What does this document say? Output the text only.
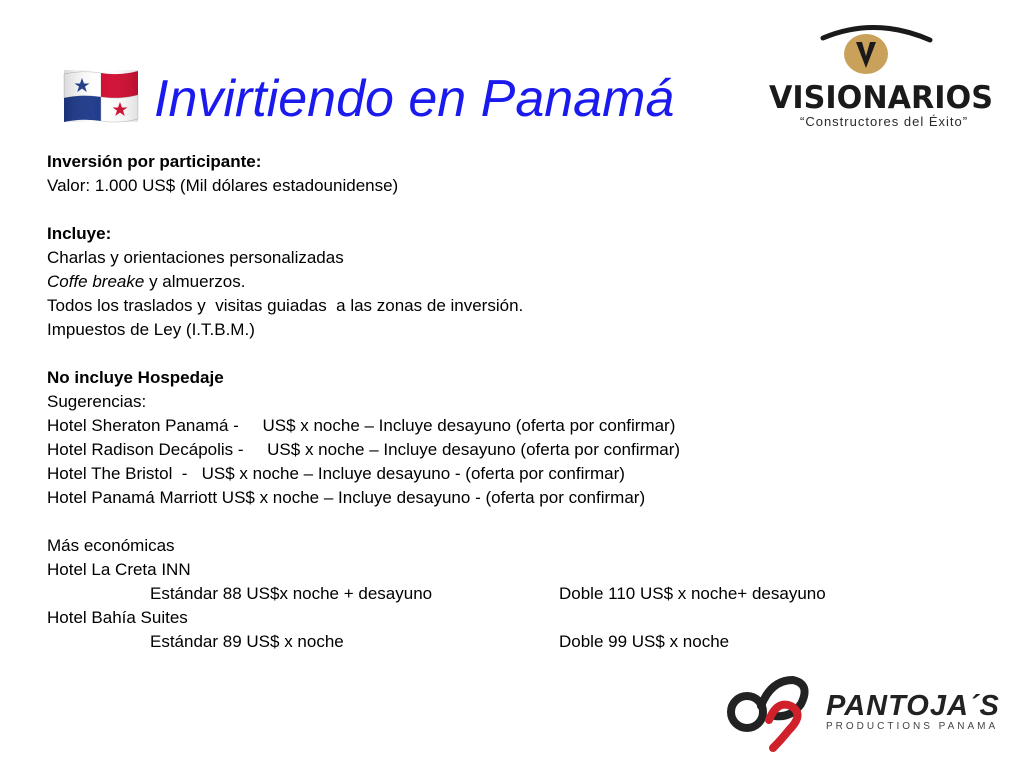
Invirtiendo en Panamá	VISIONARIOS
“Constructores del Éxito”
Inversión por participante:
Valor: 1.000 US$ (Mil dólares estadounidense)
Incluye:
Charlas y orientaciones personalizadas
Coffe breake y almuerzos.
Todos los traslados y  visitas guiadas  a las zonas de inversión.
Impuestos de Ley (I.T.B.M.)
No incluye Hospedaje
Sugerencias:
Hotel Sheraton Panamá -     US$ x noche – Incluye desayuno (oferta por confirmar)
Hotel Radison Decápolis -     US$ x noche – Incluye desayuno (oferta por confirmar)
Hotel The Bristol  -   US$ x noche – Incluye desayuno - (oferta por confirmar)
Hotel Panamá Marriott US$ x noche – Incluye desayuno - (oferta por confirmar)
Más económicas
Hotel La Creta INN
Estándar 88 US$x noche + desayuno	Doble 110 US$ x noche+ desayuno
Hotel Bahía Suites
Estándar 89 US$ x noche	Doble 99 US$ x noche
PANTOJA´S
PRODUCTIONS PANAMA
